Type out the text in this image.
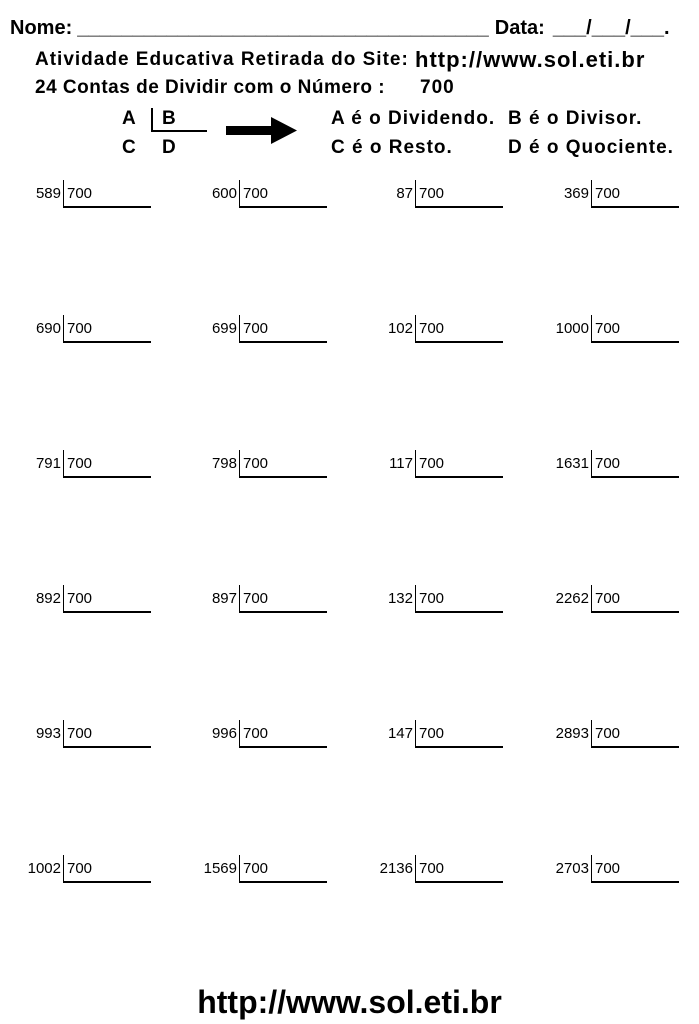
Nome: _____________________________________ Data: ___/___/___.
Atividade Educativa Retirada do Site: http://www.sol.eti.br
24 Contas de Dividir com o Número : 700
A B
C D
A é o Dividendo. B é o Divisor.
C é o Resto.	D é o Quociente.
589 700	600 700	87 700	369 700
690 700	699 700	102 700	1000 700
791 700	798 700	117 700	1631 700
892 700	897 700	132 700	2262 700
993 700	996 700	147 700	2893 700
1002 700	1569 700	2136 700	2703 700
http://www.sol.eti.br
